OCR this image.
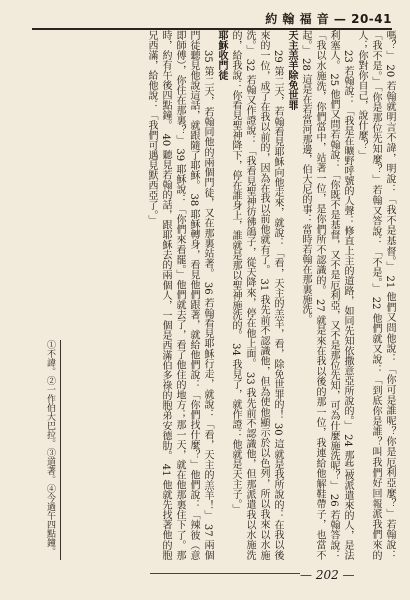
約 翰 福 音 — 20-41

嗎？」 20 若翰就明言不諱，明說：「我不是基督。」 21 他們又問他說：「你可是誰呢？你是厄利亞麼？」若翰說：「我不是。」「你是那位先知麼？」若翰又答說：「不是。」 22 他們就又說：「到底你是誰？叫我們好回報派我們來的人；你對你自己，說什麼？」

23 若翰說：「我是在曠野呼號的人聲：修直上主的道路，如同先知依撒意亞所說的。」 24 那些被派遣來的人，是法利塞人。 25 他們又問若翰說：「你既不是基督，又不是厄利亞，又不是那位先知，可為什麼施洗呢？」 26 若翰答說：「我以水施洗，你們當中，站著一位，是你們所不認識的。 27 就是來在我以後的那一位，我連給他解鞋帶子，也當不起。」 28 這是在若當河那邊，伯大尼的事：當時若翰在那裏施洗。

天主羔羊除免世罪

29 第二天，若翰看見耶穌向他走來，就說：「看，天主的羔羊，看，除免世罪的！ 30 這就是我所說的：在我以後來的一位，成了在我以前的，因為在我以前他就有了。 31 我先前不認識他，但為使他顯示於以色列，所以我來以水施洗。」 32 若翰又作證說：「我看見聖神彷彿鴿子，從天降來，停在他上面。 33 我先前不認識他，但那派遣我以水施洗的，給我說：你看見聖神降下，停在誰身上，誰就是那以聖神施洗的。 34 我見了，就作證：他就是天主子。」

耶穌收門徒

35 第二天，若翰同他的兩個門徒，又在那裏站著。 36 若翰看見耶穌行走，就說：「看，天主的羔羊！」 37 兩個門徒聽見他說這話，就跟隨了耶穌。 38 耶穌轉身，看見他們跟著，就給他們說：「你們找什麼？」他們說：「辣彼（意即師傅），你住在那裏？」 39 耶穌說：「你們來看罷。」他們就去了，看了他住的地方；那一天，就在他那裏住下了。那時，約有午後四點鐘。 40 聽見若翰的話，跟耶穌去的兩個人，一個是西滿伯多祿的胞弟安德肋。 41 他就先找著他的胞兄西滿，給他說：「我們可遇見默西亞了。」

①不諱。②一作伯大巴拉。③道著。④今過午四點鐘。

— 202 —
